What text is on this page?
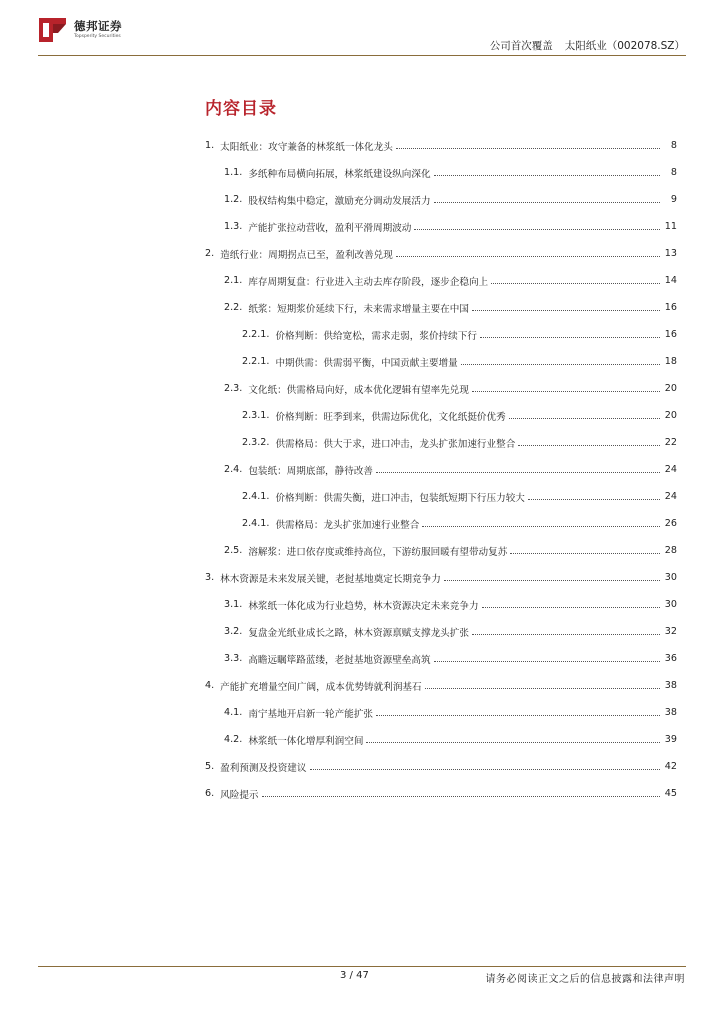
德邦证券
Topsperity Securities
公司首次覆盖 太阳纸业（002078.SZ）
内容目录
1. 太阳纸业：攻守兼备的林浆纸一体化龙头	8
1.1. 多纸种布局横向拓展，林浆纸建设纵向深化	8
1.2. 股权结构集中稳定，激励充分调动发展活力	9
1.3. 产能扩张拉动营收，盈利平滑周期波动	11
2. 造纸行业：周期拐点已至，盈利改善兑现	13
2.1. 库存周期复盘：行业进入主动去库存阶段，逐步企稳向上	14
2.2. 纸浆：短期浆价延续下行，未来需求增量主要在中国	16
2.2.1. 价格判断：供给宽松，需求走弱，浆价持续下行	16
2.2.1. 中期供需：供需弱平衡，中国贡献主要增量	18
2.3. 文化纸：供需格局向好，成本优化逻辑有望率先兑现	20
2.3.1. 价格判断：旺季到来，供需边际优化，文化纸挺价优秀	20
2.3.2. 供需格局：供大于求，进口冲击，龙头扩张加速行业整合	22
2.4. 包装纸：周期底部，静待改善	24
2.4.1. 价格判断：供需失衡，进口冲击，包装纸短期下行压力较大	24
2.4.1. 供需格局：龙头扩张加速行业整合	26
2.5. 溶解浆：进口依存度或维持高位，下游纺服回暖有望带动复苏	28
3. 林木资源是未来发展关键，老挝基地奠定长期竞争力	30
3.1. 林浆纸一体化成为行业趋势，林木资源决定未来竞争力	30
3.2. 复盘金光纸业成长之路，林木资源禀赋支撑龙头扩张	32
3.3. 高瞻远瞩筚路蓝缕，老挝基地资源壁垒高筑	36
4. 产能扩充增量空间广阔，成本优势铸就利润基石	38
4.1. 南宁基地开启新一轮产能扩张	38
4.2. 林浆纸一体化增厚利润空间	39
5. 盈利预测及投资建议	42
6. 风险提示	45
3 / 47	请务必阅读正文之后的信息披露和法律声明
